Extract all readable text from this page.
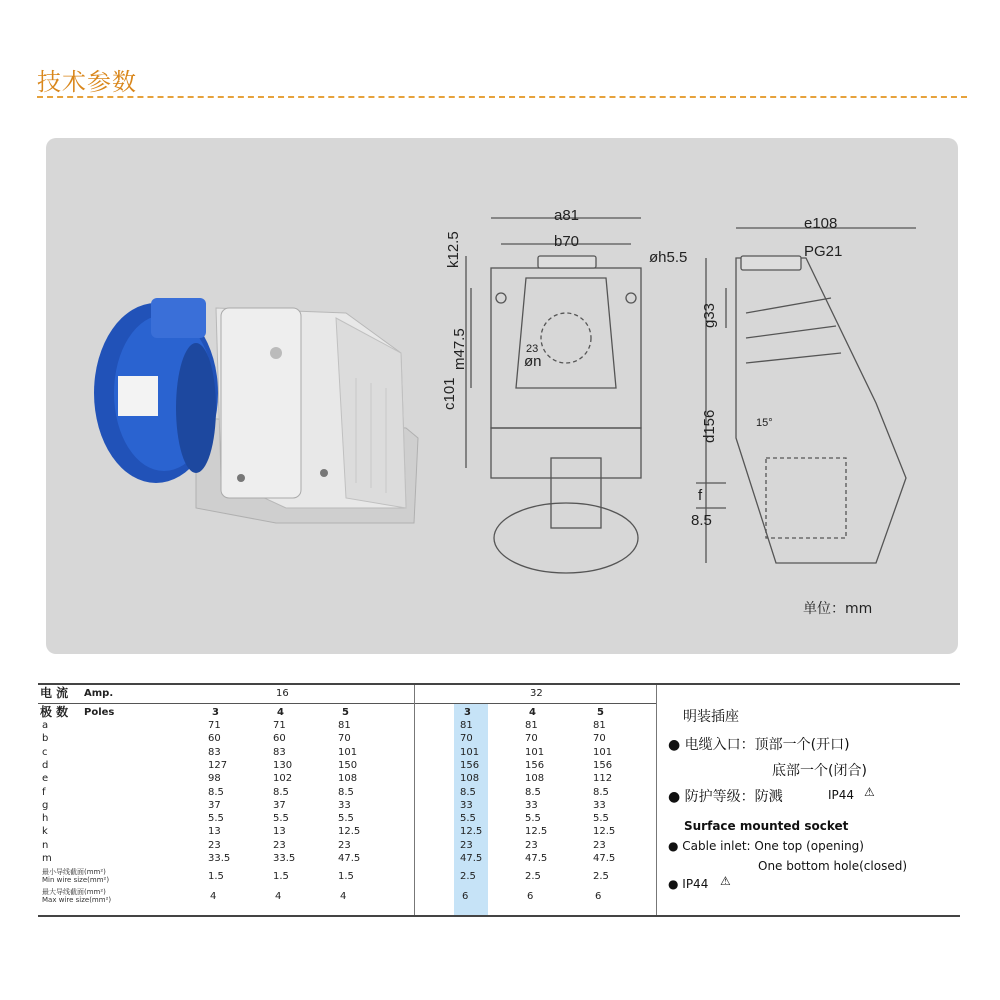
技术参数
a81
b70
øh5.5
k12.5
m47.5
c101
øn
23
e108
PG21
g33
d156	15°
f
8.5
单位：mm
电 流 Amp.	16	32
极 数 Poles	3	4	5	3	4	5
a	71	71	81	81	81	81
b	60	60	70	70	70	70
c	83	83	101	101	101	101
d	127	130	150	156	156	156
e	98	102	108	108	108	112
f	8.5	8.5	8.5	8.5	8.5	8.5
g	37	37	33	33	33	33
h	5.5	5.5	5.5	5.5	5.5	5.5
k	13	13	12.5	12.5	12.5	12.5
n	23	23	23	23	23	23
m	33.5	33.5	47.5	47.5	47.5	47.5
最小导线截面(mm²)
Min wire size(mm²)	1.5	1.5	1.5	2.5	2.5	2.5
最大导线截面(mm²)
Max wire size(mm²)	4	4	4	6	6	6
明装插座
● 电缆入口：顶部一个(开口)
底部一个(闭合)
● 防护等级：防溅	IP44 ⚠
Surface mounted socket
● Cable inlet: One top (opening)
One bottom hole(closed)
● IP44 ⚠
